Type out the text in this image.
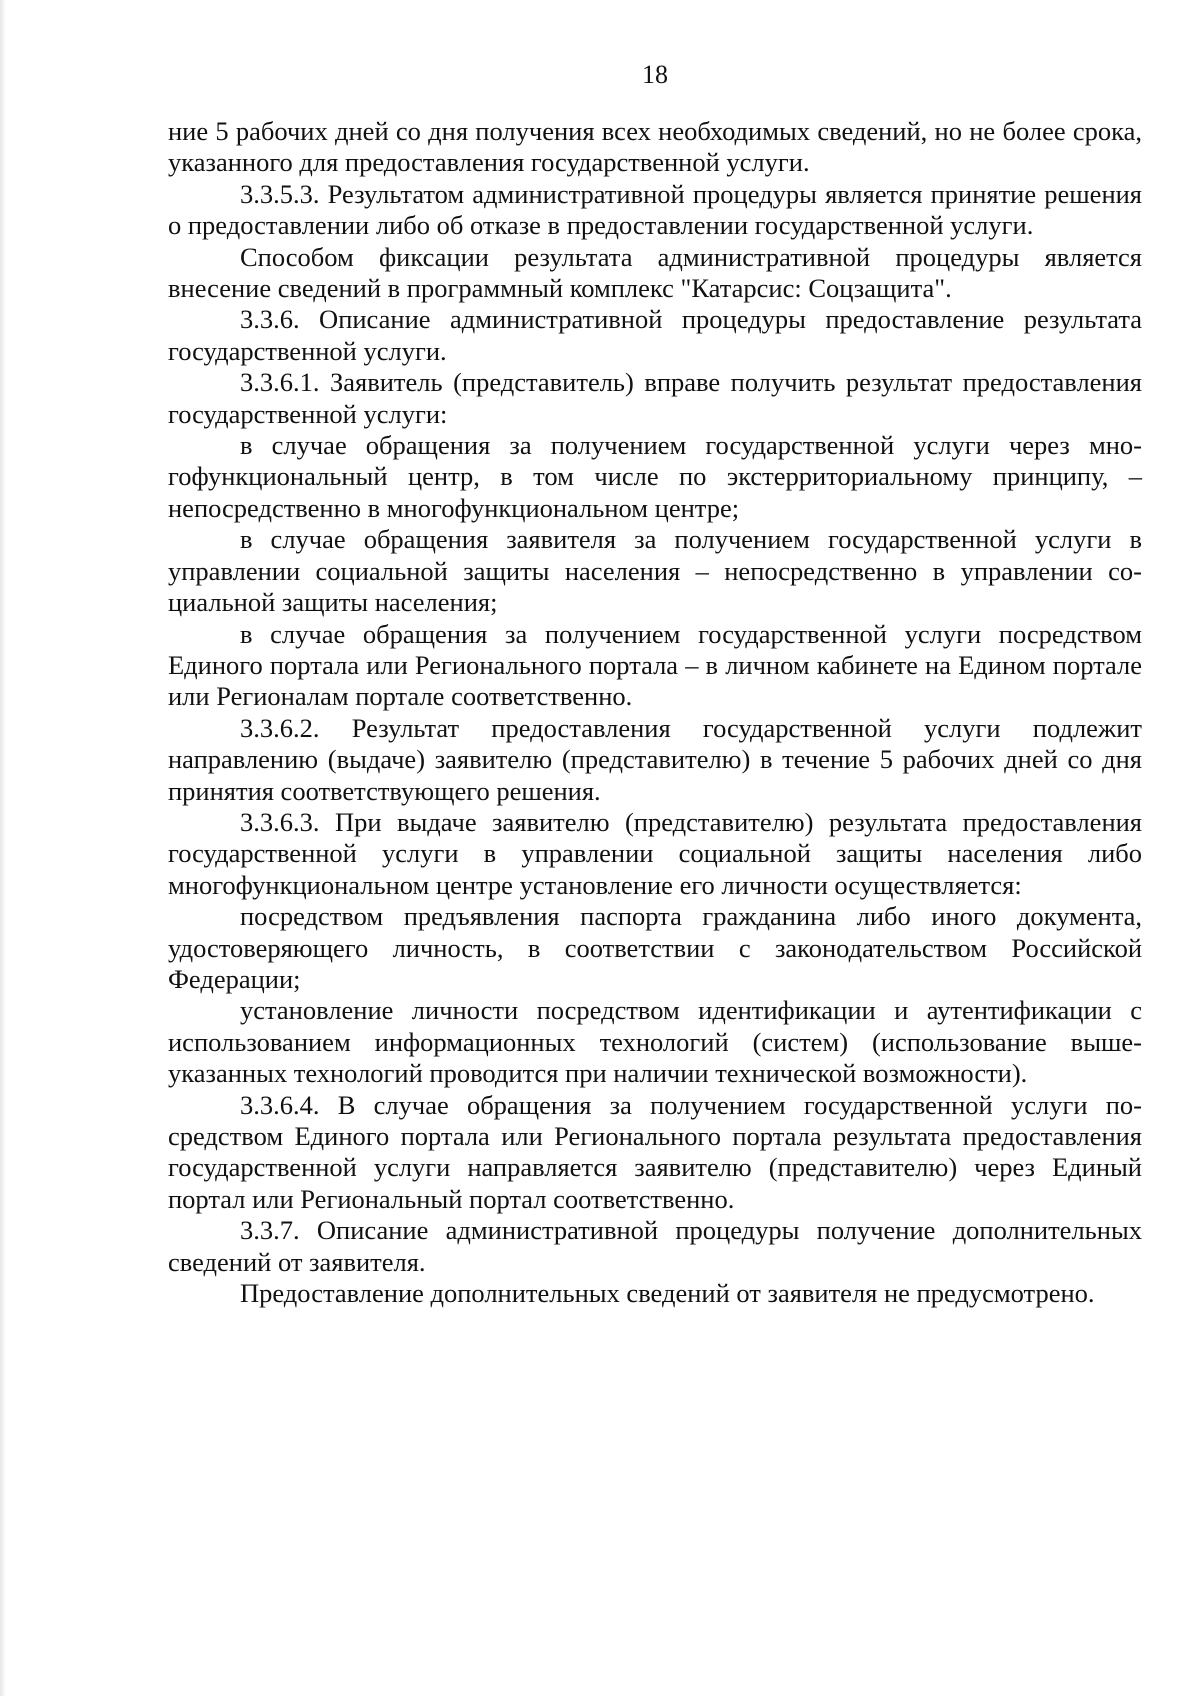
18

ние 5 рабочих дней со дня получения всех необходимых сведений, но не более срока, указанного для предоставления государственной услуги.

3.3.5.3. Результатом административной процедуры является принятие решения о предоставлении либо об отказе в предоставлении государственной услуги.

Способом фиксации результата административной процедуры является внесение сведений в программный комплекс "Катарсис: Соцзащита".

3.3.6. Описание административной процедуры предоставление результата государственной услуги.

3.3.6.1. Заявитель (представитель) вправе получить результат предоставления государственной услуги:

в случае обращения за получением государственной услуги через многофункциональный центр, в том числе по экстерриториальному принципу, – непосредственно в многофункциональном центре;

в случае обращения заявителя за получением государственной услуги в управлении социальной защиты населения – непосредственно в управлении социальной защиты населения;

в случае обращения за получением государственной услуги посредством Единого портала или Регионального портала – в личном кабинете на Едином портале или Регионалам портале соответственно.

3.3.6.2. Результат предоставления государственной услуги подлежит направлению (выдаче) заявителю (представителю) в течение 5 рабочих дней со дня принятия соответствующего решения.

3.3.6.3. При выдаче заявителю (представителю) результата предоставления государственной услуги в управлении социальной защиты населения либо многофункциональном центре установление его личности осуществляется:

посредством предъявления паспорта гражданина либо иного документа, удостоверяющего личность, в соответствии с законодательством Российской Федерации;

установление личности посредством идентификации и аутентификации с использованием информационных технологий (систем) (использование вышеуказанных технологий проводится при наличии технической возможности).

3.3.6.4. В случае обращения за получением государственной услуги посредством Единого портала или Регионального портала результата предоставления государственной услуги направляется заявителю (представителю) через Единый портал или Региональный портал соответственно.

3.3.7. Описание административной процедуры получение дополнительных сведений от заявителя.

Предоставление дополнительных сведений от заявителя не предусмотрено.
